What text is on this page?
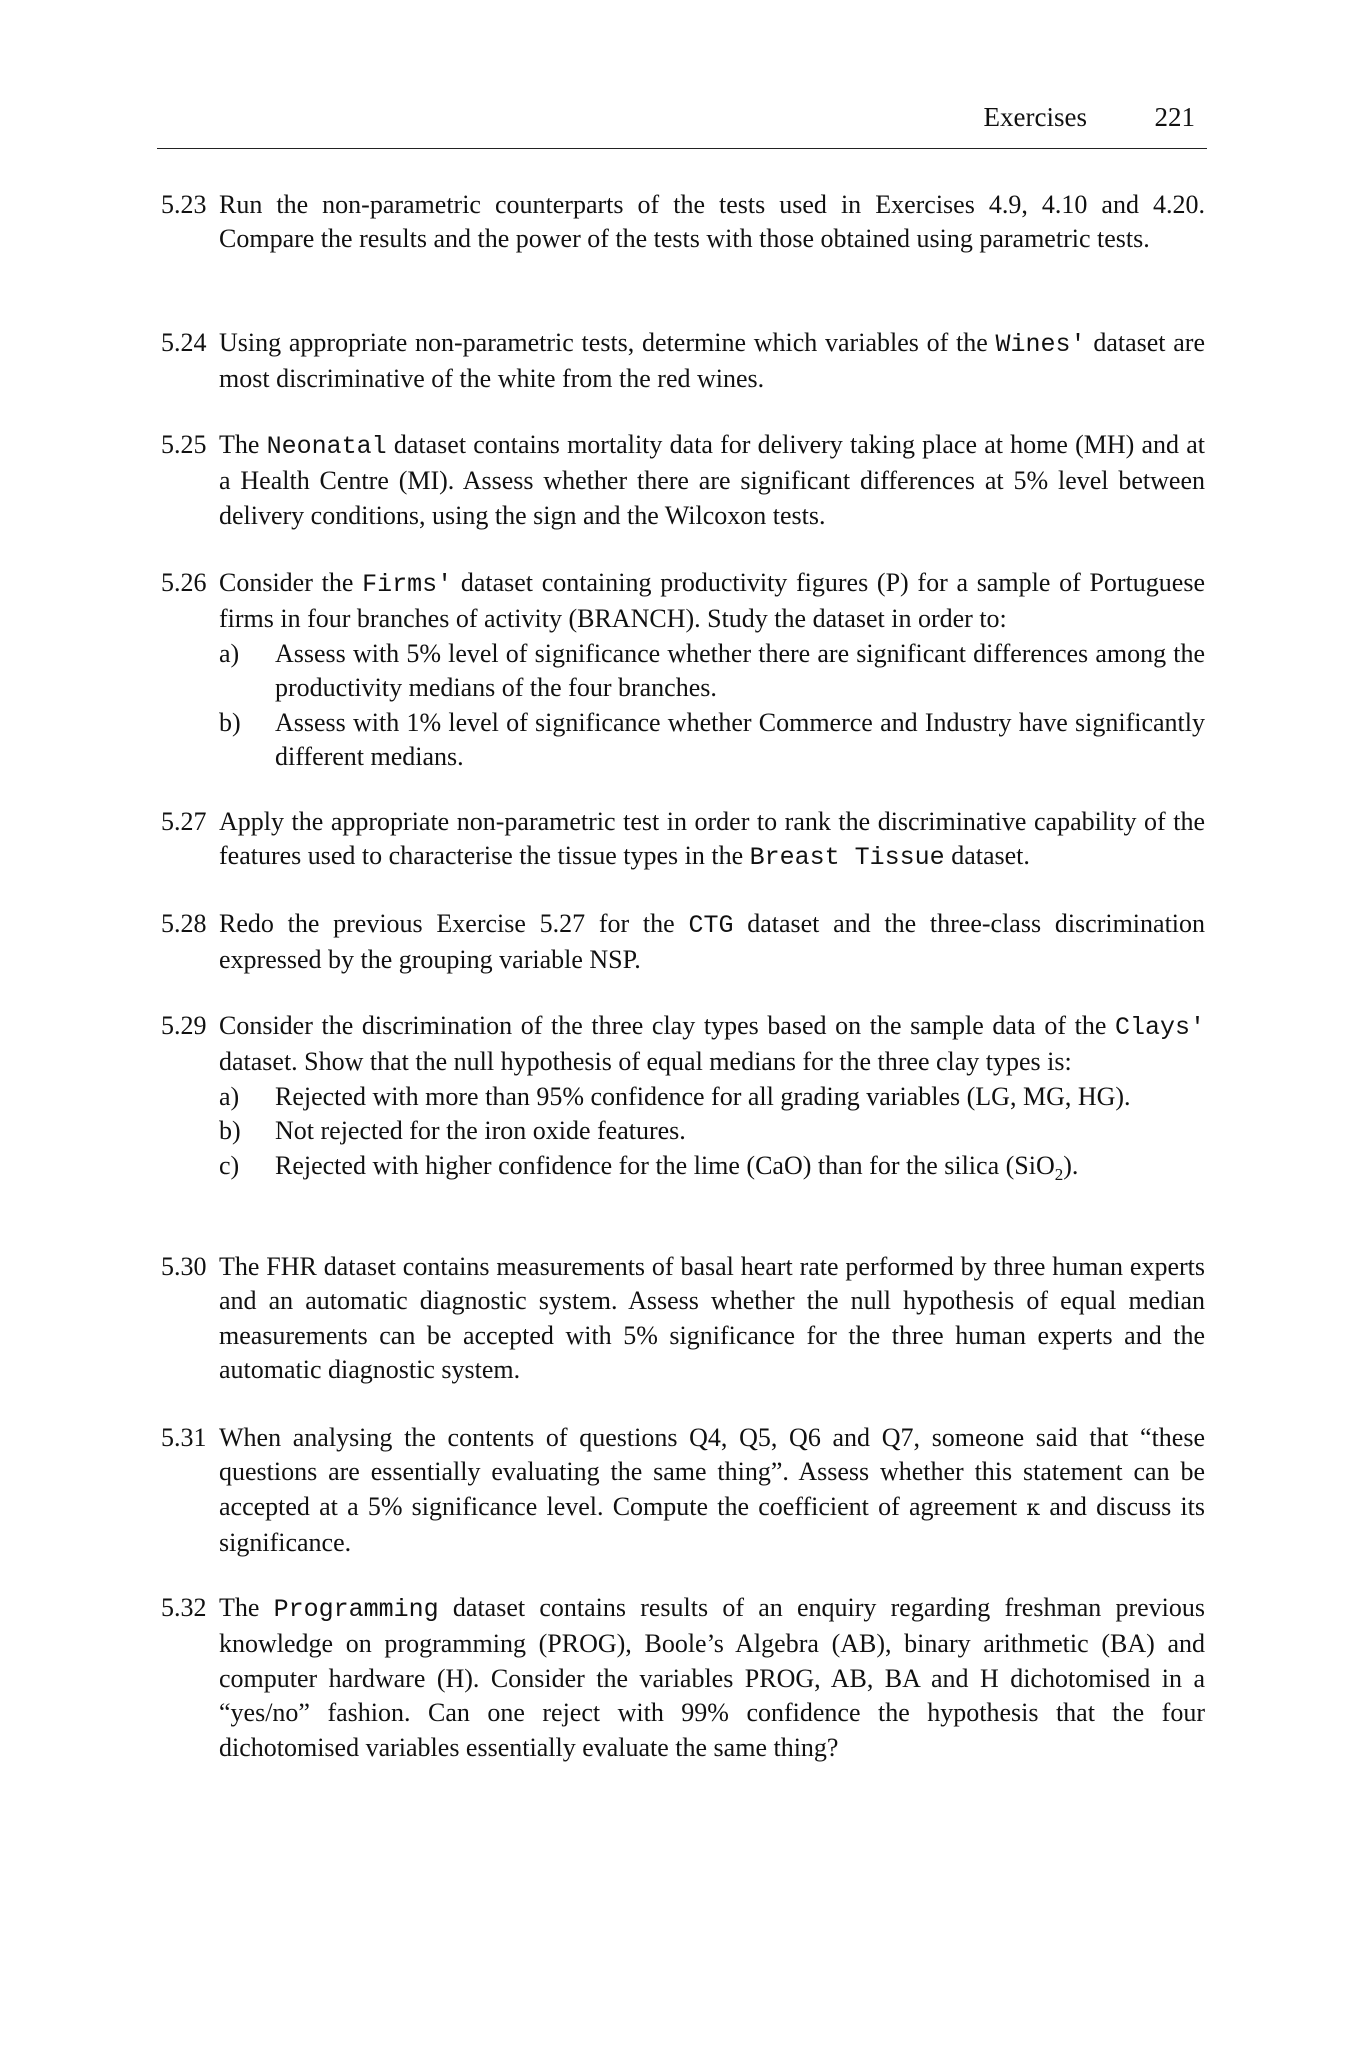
Exercises	221
5.23 Run the non-parametric counterparts of the tests used in Exercises 4.9, 4.10 and 4.20. Compare the results and the power of the tests with those obtained using parametric tests.
5.24 Using appropriate non-parametric tests, determine which variables of the Wines' dataset are most discriminative of the white from the red wines.
5.25 The Neonatal dataset contains mortality data for delivery taking place at home (MH) and at a Health Centre (MI). Assess whether there are significant differences at 5% level between delivery conditions, using the sign and the Wilcoxon tests.
5.26 Consider the Firms' dataset containing productivity figures (P) for a sample of Portuguese firms in four branches of activity (BRANCH). Study the dataset in order to:
a) Assess with 5% level of significance whether there are significant differences among the productivity medians of the four branches.
b) Assess with 1% level of significance whether Commerce and Industry have significantly different medians.
5.27 Apply the appropriate non-parametric test in order to rank the discriminative capability of the features used to characterise the tissue types in the Breast Tissue dataset.
5.28 Redo the previous Exercise 5.27 for the CTG dataset and the three-class discrimination expressed by the grouping variable NSP.
5.29 Consider the discrimination of the three clay types based on the sample data of the Clays' dataset. Show that the null hypothesis of equal medians for the three clay types is:
a) Rejected with more than 95% confidence for all grading variables (LG, MG, HG).
b) Not rejected for the iron oxide features.
c) Rejected with higher confidence for the lime (CaO) than for the silica (SiO$_2$).
5.30 The FHR dataset contains measurements of basal heart rate performed by three human experts and an automatic diagnostic system. Assess whether the null hypothesis of equal median measurements can be accepted with 5% significance for the three human experts and the automatic diagnostic system.
5.31 When analysing the contents of questions Q4, Q5, Q6 and Q7, someone said that “these questions are essentially evaluating the same thing”. Assess whether this statement can be accepted at a 5% significance level. Compute the coefficient of agreement κ and discuss its significance.
5.32 The Programming dataset contains results of an enquiry regarding freshman previous knowledge on programming (PROG), Boole’s Algebra (AB), binary arithmetic (BA) and computer hardware (H). Consider the variables PROG, AB, BA and H dichotomised in a “yes/no” fashion. Can one reject with 99% confidence the hypothesis that the four dichotomised variables essentially evaluate the same thing?
